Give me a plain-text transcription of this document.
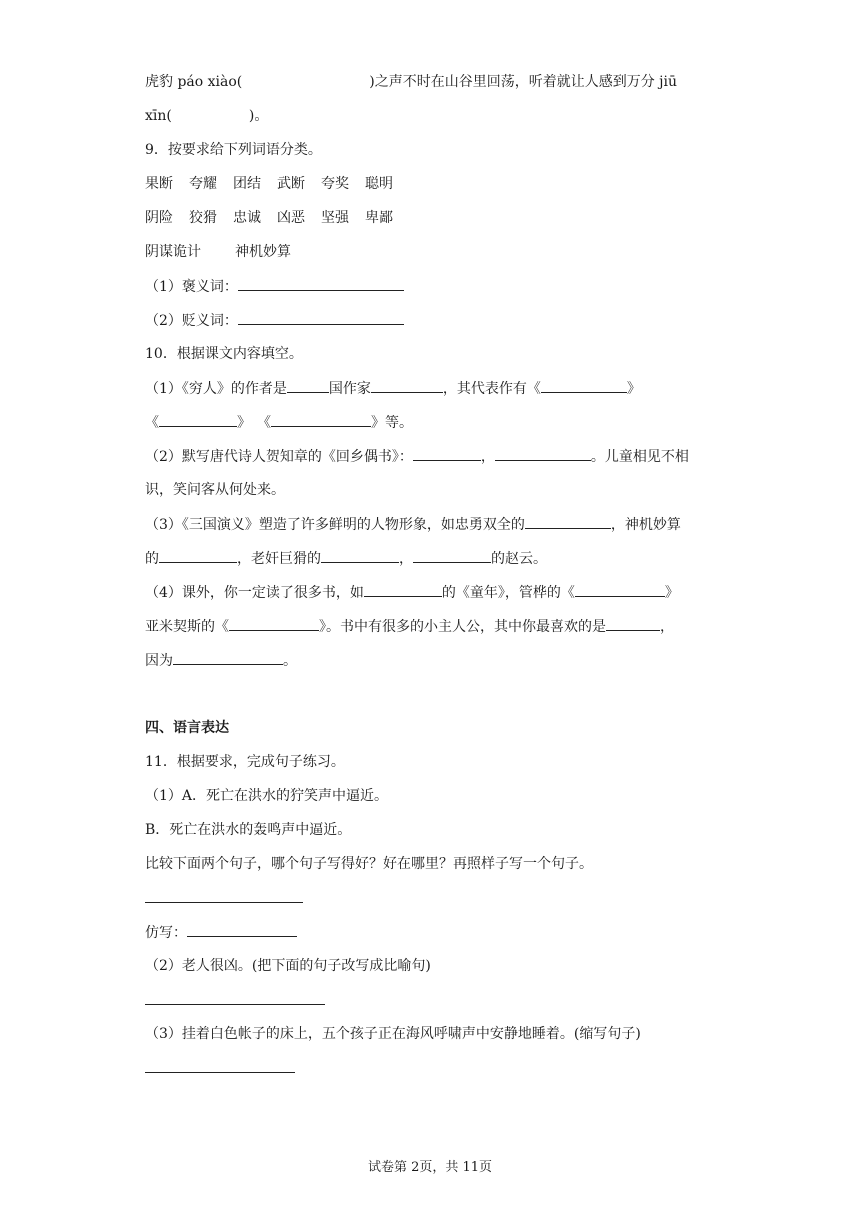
虎豹 páo xiào(	)之声不时在山谷里回荡，听着就让人感到万分 jiū
xīn(	)。
9．按要求给下列词语分类。
果断 夸耀 团结 武断 夸奖 聪明
阴险 狡猾 忠诚 凶恶 坚强 卑鄙
阴谋诡计 神机妙算
（1）褒义词：
（2）贬义词：
10．根据课文内容填空。
（1）《穷人》的作者是	国作家	，其代表作有《	》
《	》 《	》等。
（2）默写唐代诗人贺知章的《回乡偶书》：	，	。儿童相见不相
识，笑问客从何处来。
（3）《三国演义》塑造了许多鲜明的人物形象，如忠勇双全的	，神机妙算
的	，老奸巨猾的	，	的赵云。
（4）课外，你一定读了很多书，如	的《童年》，管桦的《	》
亚米契斯的《	》。书中有很多的小主人公，其中你最喜欢的是	，
因为	。
四、语言表达
11．根据要求，完成句子练习。
（1）A．死亡在洪水的狞笑声中逼近。
B．死亡在洪水的轰鸣声中逼近。
比较下面两个句子，哪个句子写得好？好在哪里？再照样子写一个句子。
仿写：
（2）老人很凶。(把下面的句子改写成比喻句)
（3）挂着白色帐子的床上，五个孩子正在海风呼啸声中安静地睡着。(缩写句子)
试卷第 2页，共 11页
